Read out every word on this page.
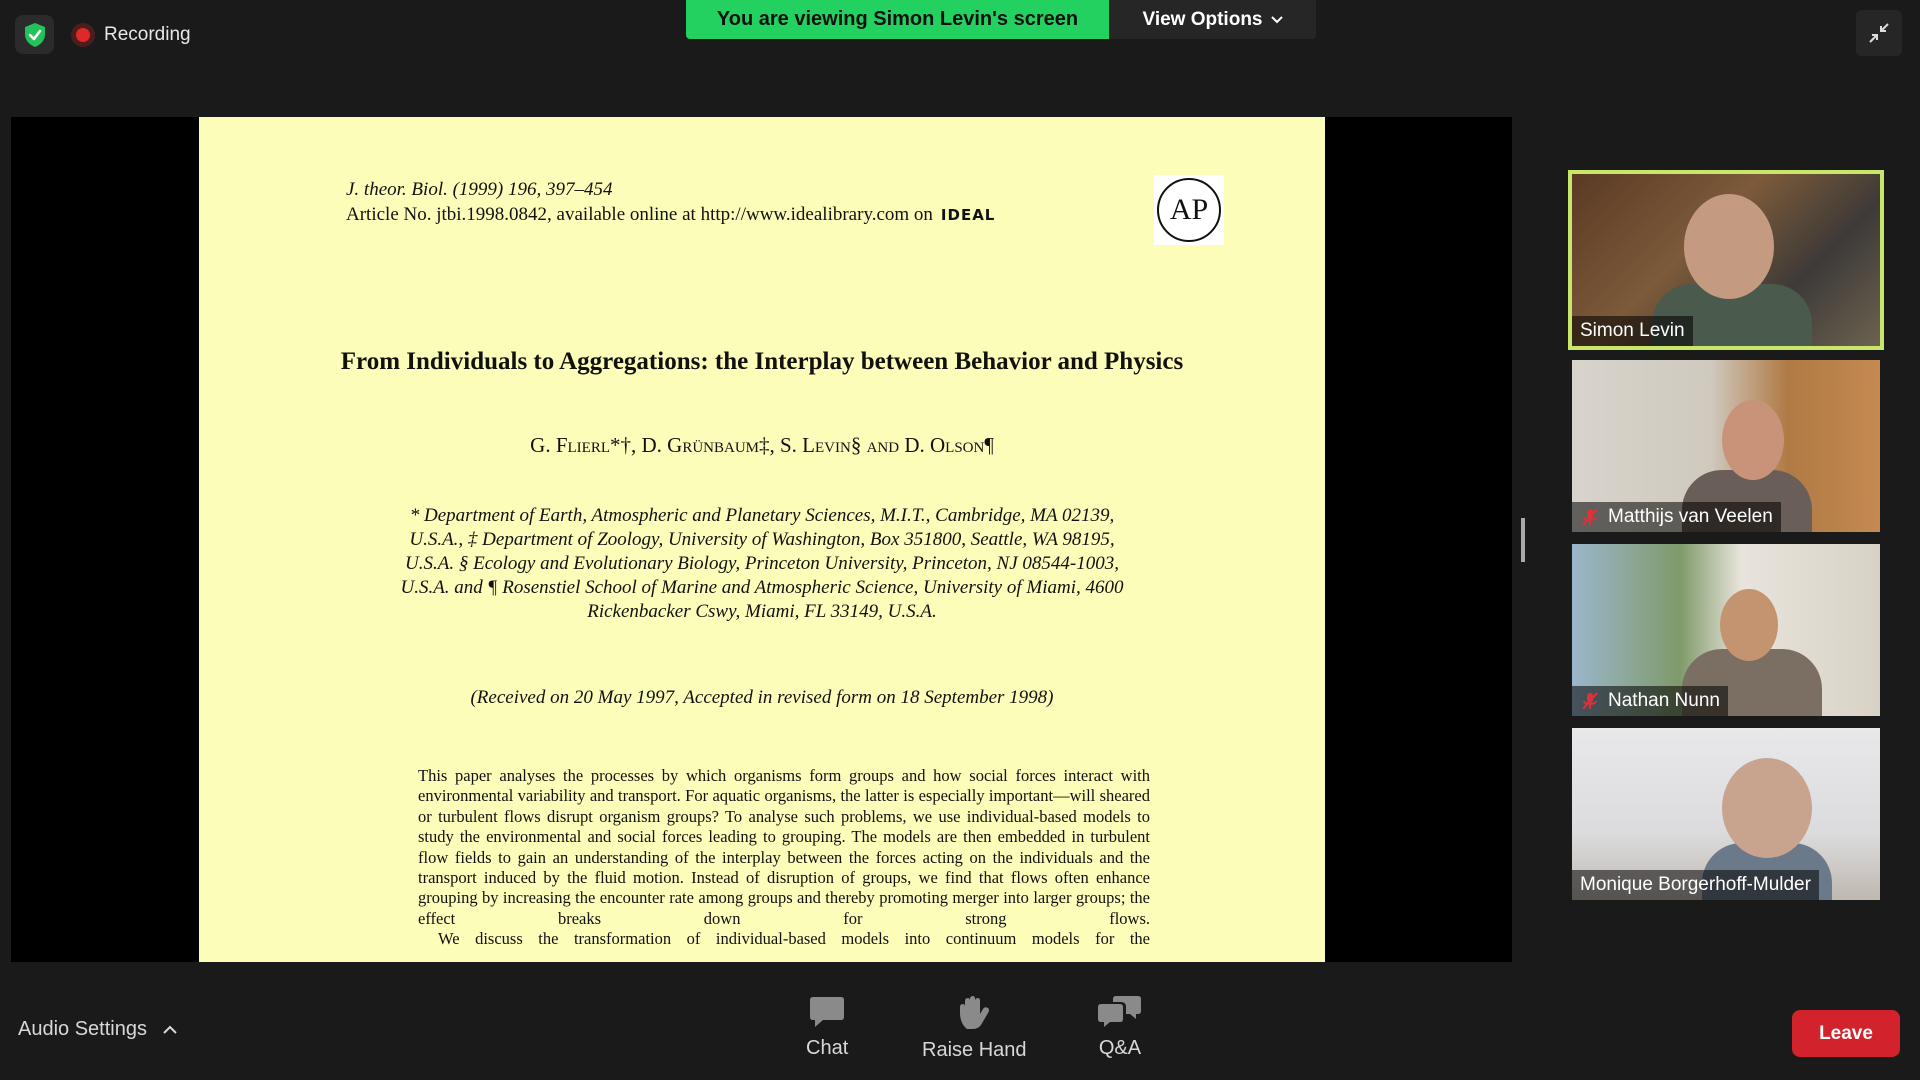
Recording
You are viewing Simon Levin's screen	View Options
J. theor. Biol. (1999) 196, 397–454
Article No. jtbi.1998.0842, available online at http://www.idealibrary.com on IDEAL	AP
From Individuals to Aggregations: the Interplay between Behavior and Physics
G. Flierl*†, D. Grünbaum‡, S. Levin§ and D. Olson¶
* Department of Earth, Atmospheric and Planetary Sciences, M.I.T., Cambridge, MA 02139, U.S.A., ‡ Department of Zoology, University of Washington, Box 351800, Seattle, WA 98195, U.S.A. § Ecology and Evolutionary Biology, Princeton University, Princeton, NJ 08544-1003, U.S.A. and ¶ Rosenstiel School of Marine and Atmospheric Science, University of Miami, 4600 Rickenbacker Cswy, Miami, FL 33149, U.S.A.
(Received on 20 May 1997, Accepted in revised form on 18 September 1998)

This paper analyses the processes by which organisms form groups and how social forces interact with environmental variability and transport. For aquatic organisms, the latter is especially important—will sheared or turbulent flows disrupt organism groups? To analyse such problems, we use individual-based models to study the environmental and social forces leading to grouping. The models are then embedded in turbulent flow fields to gain an understanding of the interplay between the forces acting on the individuals and the transport induced by the fluid motion. Instead of disruption of groups, we find that flows often enhance grouping by increasing the encounter rate among groups and thereby promoting merger into larger groups; the effect breaks down for strong flows.

We discuss the transformation of individual-based models into continuum models for the

Simon Levin
Matthijs van Veelen
Nathan Nunn
Monique Borgerhoff-Mulder
Audio Settings
Chat	Raise Hand	Q&A
Leave
